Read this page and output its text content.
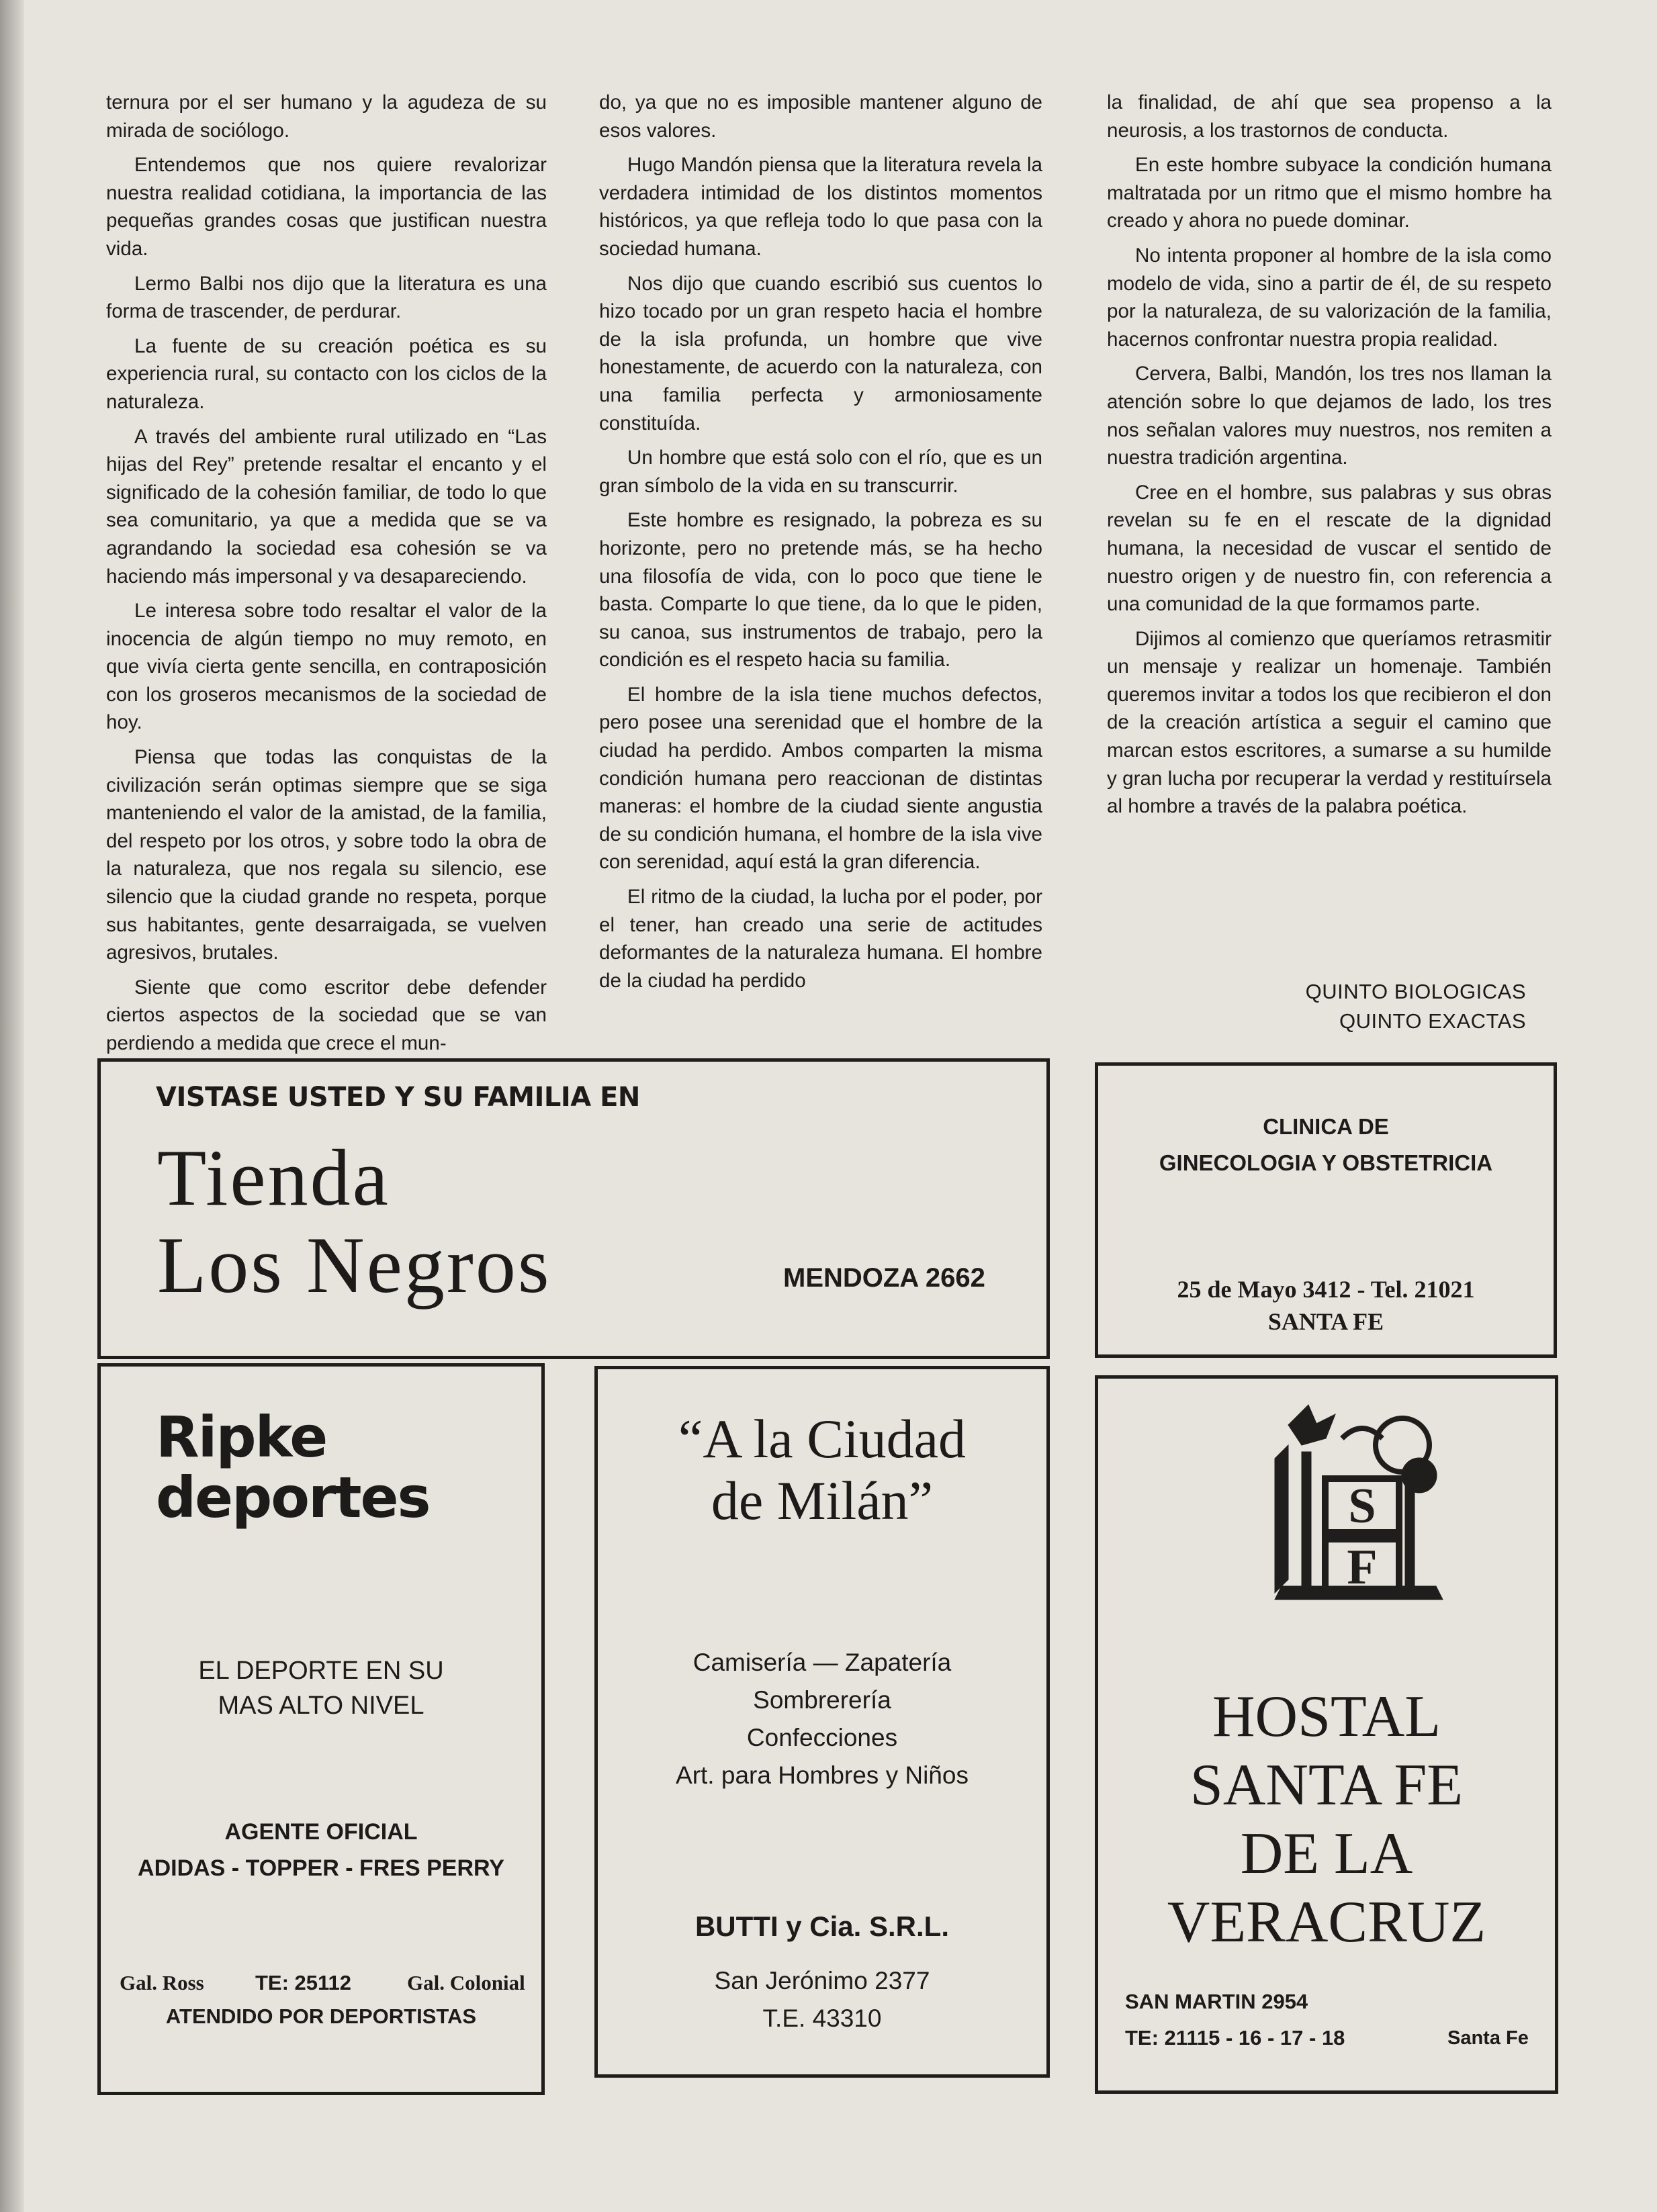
ternura por el ser humano y la agudeza de su mirada de sociólogo.

Entendemos que nos quiere revalorizar nuestra realidad cotidiana, la importancia de las pequeñas grandes cosas que justifican nuestra vida.

Lermo Balbi nos dijo que la literatura es una forma de trascender, de perdurar.

La fuente de su creación poética es su experiencia rural, su contacto con los ciclos de la naturaleza.

A través del ambiente rural utilizado en “Las hijas del Rey” pretende resaltar el encanto y el significado de la cohesión familiar, de todo lo que sea comunitario, ya que a medida que se va agrandando la sociedad esa cohesión se va haciendo más impersonal y va desapareciendo.

Le interesa sobre todo resaltar el valor de la inocencia de algún tiempo no muy remoto, en que vivía cierta gente sencilla, en contraposición con los groseros mecanismos de la sociedad de hoy.

Piensa que todas las conquistas de la civilización serán optimas siempre que se siga manteniendo el valor de la amistad, de la familia, del respeto por los otros, y sobre todo la obra de la naturaleza, que nos regala su silencio, ese silencio que la ciudad grande no respeta, porque sus habitantes, gente desarraigada, se vuelven agresivos, brutales.

Siente que como escritor debe defender ciertos aspectos de la sociedad que se van perdiendo a medida que crece el mun-

do, ya que no es imposible mantener alguno de esos valores.

Hugo Mandón piensa que la literatura revela la verdadera intimidad de los distintos momentos históricos, ya que refleja todo lo que pasa con la sociedad humana.

Nos dijo que cuando escribió sus cuentos lo hizo tocado por un gran respeto hacia el hombre de la isla profunda, un hombre que vive honestamente, de acuerdo con la naturaleza, con una familia perfecta y armoniosamente constituída.

Un hombre que está solo con el río, que es un gran símbolo de la vida en su transcurrir.

Este hombre es resignado, la pobreza es su horizonte, pero no pretende más, se ha hecho una filosofía de vida, con lo poco que tiene le basta. Comparte lo que tiene, da lo que le piden, su canoa, sus instrumentos de trabajo, pero la condición es el respeto hacia su familia.

El hombre de la isla tiene muchos defectos, pero posee una serenidad que el hombre de la ciudad ha perdido. Ambos comparten la misma condición humana pero reaccionan de distintas maneras: el hombre de la ciudad siente angustia de su condición humana, el hombre de la isla vive con serenidad, aquí está la gran diferencia.

El ritmo de la ciudad, la lucha por el poder, por el tener, han creado una serie de actitudes deformantes de la naturaleza humana. El hombre de la ciudad ha perdido

la finalidad, de ahí que sea propenso a la neurosis, a los trastornos de conducta.

En este hombre subyace la condición humana maltratada por un ritmo que el mismo hombre ha creado y ahora no puede dominar.

No intenta proponer al hombre de la isla como modelo de vida, sino a partir de él, de su respeto por la naturaleza, de su valorización de la familia, hacernos confrontar nuestra propia realidad.

Cervera, Balbi, Mandón, los tres nos llaman la atención sobre lo que dejamos de lado, los tres nos señalan valores muy nuestros, nos remiten a nuestra tradición argentina.

Cree en el hombre, sus palabras y sus obras revelan su fe en el rescate de la dignidad humana, la necesidad de vuscar el sentido de nuestro origen y de nuestro fin, con referencia a una comunidad de la que formamos parte.

Dijimos al comienzo que queríamos retrasmitir un mensaje y realizar un homenaje. También queremos invitar a todos los que recibieron el don de la creación artística a seguir el camino que marcan estos escritores, a sumarse a su humilde y gran lucha por recuperar la verdad y restituírsela al hombre a través de la palabra poética.

QUINTO BIOLOGICAS
QUINTO EXACTAS
VISTASE USTED Y SU FAMILIA EN
Tienda
Los Negros	MENDOZA 2662
CLINICA DE
GINECOLOGIA Y OBSTETRICIA
25 de Mayo 3412 - Tel. 21021
SANTA FE
Ripke
deportes
EL DEPORTE EN SU
MAS ALTO NIVEL
AGENTE OFICIAL
ADIDAS - TOPPER - FRES PERRY
Gal. Ross TE: 25112	Gal. Colonial
ATENDIDO POR DEPORTISTAS
“A la Ciudad
de Milán”
Camisería — Zapatería
Sombrerería
Confecciones
Art. para Hombres y Niños
BUTTI y Cia. S.R.L.
San Jerónimo 2377
T.E. 43310
HOSTAL
SANTA FE
DE LA
VERACRUZ
SAN MARTIN 2954
TE: 21115 - 16 - 17 - 18	Santa Fe
S
F
